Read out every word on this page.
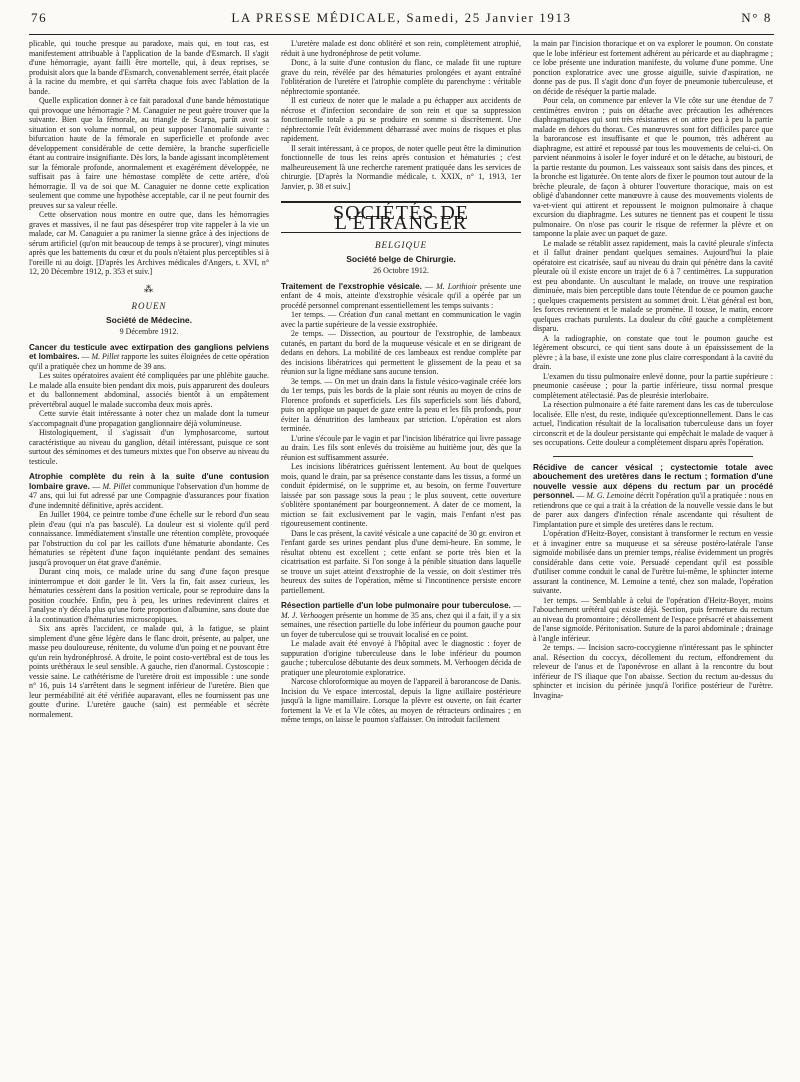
76	LA PRESSE MÉDICALE, Samedi, 25 Janvier 1913	N° 8

plicable, qui touche presque au paradoxe, mais qui, en tout cas, est manifestement attribuable à l'application de la bande d'Esmarch. Il s'agit d'une hémorragie, ayant failli être mortelle, qui, à deux reprises, se produisit alors que la bande d'Esmarch, convenablement serrée, était placée à la racine du membre, et qui s'arrêta chaque fois avec l'ablation de la bande.

Quelle explication donner à ce fait paradoxal d'une bande hémostatique qui provoque une hémorragie ? M. Canaguier ne peut guère trouver que la suivante. Bien que la fémorale, au triangle de Scarpa, parût avoir sa situation et son volume normal, on peut supposer l'anomalie suivante : bifurcation haute de la fémorale en superficielle et profonde avec développement considérable de cette dernière, la branche superficielle étant au contraire insignifiante. Dès lors, la bande agissant incomplètement sur la fémorale profonde, anormalement et exagérément développée, ne suffisait pas à faire une hémostase complète de cette artère, d'où hémorragie. Il va de soi que M. Canaguier ne donne cette explication seulement que comme une hypothèse acceptable, car il ne peut fournir des preuves sur sa valeur réelle.

Cette observation nous montre en outre que, dans les hémorragies graves et massives, il ne faut pas désespérer trop vite rappeler à la vie un malade, car M. Canaguier a pu ranimer la sienne grâce à des injections de sérum artificiel (qu'on mit beaucoup de temps à se procurer), vingt minutes après que les battements du cœur et du pouls n'étaient plus perceptibles si à l'oreille ni au doigt. [D'après les Archives médicales d'Angers, t. XVI, n° 12, 20 Décembre 1912, p. 353 et suiv.]

⁂
ROUEN
Société de Médecine.
9 Décembre 1912.

Cancer du testicule avec extirpation des ganglions pelviens et lombaires. — M. Pillet rapporte les suites éloignées de cette opération qu'il a pratiquée chez un homme de 39 ans.

Les suites opératoires avaient été compliquées par une phlébite gauche. Le malade alla ensuite bien pendant dix mois, puis apparurent des douleurs et du ballonnement abdominal, associés bientôt à un empâtement prévertébral auquel le malade succomba deux mois après.

Cette survie était intéressante à noter chez un malade dont la tumeur s'accompagnait d'une propagation ganglionnaire déjà volumineuse.

Histologiquement, il s'agissait d'un lymphosarcome, surtout caractéristique au niveau du ganglion, détail intéressant, puisque ce sont surtout des séminomes et des tumeurs mixtes que l'on observe au niveau du testicule.

Atrophie complète du rein à la suite d'une contusion lombaire grave. — M. Pillet communique l'observation d'un homme de 47 ans, qui lui fut adressé par une Compagnie d'assurances pour fixation d'une indemnité définitive, après accident.

En Juillet 1904, ce peintre tombe d'une échelle sur le rebord d'un seau plein d'eau (qui n'a pas basculé). La douleur est si violente qu'il perd connaissance. Immédiatement s'installe une rétention complète, provoquée par l'obstruction du col par les caillots d'une hématurie abondante. Ces hématuries se répètent d'une façon inquiétante pendant des semaines jusqu'à provoquer un état grave d'anémie.

Durant cinq mois, ce malade urine du sang d'une façon presque ininterrompue et doit garder le lit. Vers la fin, fait assez curieux, les hématuries cessèrent dans la position verticale, pour se reproduire dans la position couchée. Enfin, peu à peu, les urines redevinrent claires et l'analyse n'y décela plus qu'une forte proportion d'albumine, sans doute due à la continuation d'hématuries microscopiques.

Six ans après l'accident, ce malade qui, à la fatigue, se plaint simplement d'une gêne légère dans le flanc droit, présente, au palper, une masse peu douloureuse, rénitente, du volume d'un poing et ne pouvant être qu'un rein hydronéphrosé. A droite, le point costo-vertébral est de tous les points uréthéraux le seul sensible. A gauche, rien d'anormal. Cystoscopie : vessie saine. Le cathétérisme de l'uretère droit est impossible : une sonde n° 16, puis 14 s'arrêtent dans le segment inférieur de l'uretère. Bien que leur perméabilité ait été vérifiée auparavant, elles ne fournissent pas une goutte d'urine. L'uretère gauche (sain) est perméable et sécrète normalement.

L'uretère malade est donc oblitéré et son rein, complètement atrophié, réduit à une hydronéphrose de petit volume.

Donc, à la suite d'une contusion du flanc, ce malade fit une rupture grave du rein, révélée par des hématuries prolongées et ayant entraîné l'oblitération de l'uretère et l'atrophie complète du parenchyme : véritable néphrectomie spontanée.

Il est curieux de noter que le malade a pu échapper aux accidents de nécrose et d'infection secondaire de son rein et que sa suppression fonctionnelle totale a pu se produire en somme si discrètement. Une néphrectomie l'eût évidemment débarrassé avec moins de risques et plus rapidement.

Il serait intéressant, à ce propos, de noter quelle peut être la diminution fonctionnelle de tous les reins après contusion et hématuries ; c'est malheureusement là une recherche rarement pratiquée dans les services de chirurgie. [D'après la Normandie médicale, t. XXIX, n° 1, 1913, 1er Janvier, p. 38 et suiv.]

SOCIÉTÉS DE L'ÉTRANGER
BELGIQUE
Société belge de Chirurgie.
26 Octobre 1912.

Traitement de l'exstrophie vésicale. — M. Lorthioir présente une enfant de 4 mois, atteinte d'exstrophie vésicale qu'il a opérée par un procédé personnel comprenant essentiellement les temps suivants :

1er temps. — Création d'un canal mettant en communication le vagin avec la partie supérieure de la vessie exstrophiée.

2e temps. — Dissection, au pourtour de l'exstrophie, de lambeaux cutanés, en partant du bord de la muqueuse vésicale et en se dirigeant de dedans en dehors. La mobilité de ces lambeaux est rendue complète par des incisions libératrices qui permettent le glissement de la peau et sa réunion sur la ligne médiane sans aucune tension.

3e temps. — On met un drain dans la fistule vésico-vaginale créée lors du 1er temps, puis les bords de la plaie sont réunis au moyen de crins de Florence profonds et superficiels. Les fils superficiels sont liés d'abord, puis on applique un paquet de gaze entre la peau et les fils profonds, pour éviter la dénutrition des lambeaux par striction. L'opération est alors terminée.

L'urine s'écoule par le vagin et par l'incision libératrice qui livre passage au drain. Les fils sont enlevés du troisième au huitième jour, dès que la réunion est suffisamment assurée.

Les incisions libératrices guérissent lentement. Au bout de quelques mois, quand le drain, par sa présence constante dans les tissus, a formé un conduit épidermisé, on le supprime et, au besoin, on ferme l'ouverture laissée par son passage sous la peau ; le plus souvent, cette ouverture s'oblitère spontanément par bourgeonnement. A dater de ce moment, la miction se fait exclusivement par le vagin, mais l'enfant n'est pas rigoureusement continente.

Dans le cas présent, la cavité vésicale a une capacité de 30 gr. environ et l'enfant garde ses urines pendant plus d'une demi-heure. En somme, le résultat obtenu est excellent ; cette enfant se porte très bien et la cicatrisation est parfaite. Si l'on songe à la pénible situation dans laquelle se trouve un sujet atteint d'exstrophie de la vessie, on doit s'estimer très heureux des suites de l'opération, même si l'incontinence persiste encore partiellement.

Résection partielle d'un lobe pulmonaire pour tuberculose. — M. J. Verhoogen présente un homme de 35 ans, chez qui il a fait, il y a six semaines, une résection partielle du lobe inférieur du poumon gauche pour un foyer de tuberculose qui se trouvait localisé en ce point.

Le malade avait été envoyé à l'hôpital avec le diagnostic : foyer de suppuration d'origine tuberculeuse dans le lobe inférieur du poumon gauche ; tuberculose débutante des deux sommets. M. Verhoogen décida de pratiquer une pleurotomie exploratrice.

Narcose chloroformique au moyen de l'appareil à barorancose de Danis. Incision du Ve espace intercostal, depuis la ligne axillaire postérieure jusqu'à la ligne mamillaire. Lorsque la plèvre est ouverte, on fait écarter fortement la Ve et la VIe côtes, au moyen de rétracteurs ordinaires ; en même temps, on laisse le poumon s'affaisser. On introduit facilement

la main par l'incision thoracique et on va explorer le poumon. On constate que le lobe inférieur est fortement adhérent au péricarde et au diaphragme ; ce lobe présente une induration manifeste, du volume d'une pomme. Une ponction exploratrice avec une grosse aiguille, suivie d'aspiration, ne donne pas de pus. Il s'agit donc d'un foyer de pneumonie tuberculeuse, et on décide de réséquer la partie malade.

Pour cela, on commence par enlever la VIe côte sur une étendue de 7 centimètres environ ; puis on détache avec précaution les adhérences diaphragmatiques qui sont très résistantes et on attire peu à peu la partie malade en dehors du thorax. Ces manœuvres sont fort difficiles parce que la barorancose est insuffisante et que le poumon, très adhérent au diaphragme, est attiré et repoussé par tous les mouvements de celui-ci. On parvient néanmoins à isoler le foyer induré et on le détache, au bistouri, de la partie restante du poumon. Les vaisseaux sont saisis dans des pinces, et la bronche est ligaturée. On tente alors de fixer le poumon tout autour de la brèche pleurale, de façon à obturer l'ouverture thoracique, mais on est obligé d'abandonner cette manœuvre à cause des mouvements violents de va-et-vient qui attirent et repoussent le moignon pulmonaire à chaque excursion du diaphragme. Les sutures ne tiennent pas et coupent le tissu pulmonaire. On n'ose pas courir le risque de refermer la plèvre et on tamponne la plaie avec un paquet de gaze.

Le malade se rétablit assez rapidement, mais la cavité pleurale s'infecta et il fallut drainer pendant quelques semaines. Aujourd'hui la plaie opératoire est cicatrisée, sauf au niveau du drain qui pénètre dans la cavité pleurale où il existe encore un trajet de 6 à 7 centimètres. La suppuration est peu abondante. Un auscultant le malade, on trouve une respiration diminuée, mais bien perceptible dans toute l'étendue de ce poumon gauche ; quelques craquements persistent au sommet droit. L'état général est bon, les forces reviennent et le malade se promène. Il tousse, le matin, encore quelques crachats purulents. La douleur du côté gauche a complètement disparu.

A la radiographie, on constate que tout le poumon gauche est légèrement obscurci, ce qui tient sans doute à un épaississement de la plèvre ; à la base, il existe une zone plus claire correspondant à la cavité du drain.

L'examen du tissu pulmonaire enlevé donne, pour la partie supérieure : pneumonie caséeuse ; pour la partie inférieure, tissu normal presque complètement atélectasié. Pas de pleurésie interlobaire.

La résection pulmonaire a été faite rarement dans les cas de tuberculose localisée. Elle n'est, du reste, indiquée qu'exceptionnellement. Dans le cas actuel, l'indication résultait de la localisation tuberculeuse dans un foyer circonscrit et de la douleur persistante qui empêchait le malade de vaquer à ses occupations. Cette douleur a complètement disparu après l'opération.

Récidive de cancer vésical ; cystectomie totale avec abouchement des uretères dans le rectum ; formation d'une nouvelle vessie aux dépens du rectum par un procédé personnel. — M. G. Lemoine décrit l'opération qu'il a pratiquée : nous en retiendrons que ce qui a trait à la création de la nouvelle vessie dans le but de parer aux dangers d'infection rénale ascendante qui résultent de l'implantation pure et simple des uretères dans le rectum.

L'opération d'Heitz-Boyer, consistant à transformer le rectum en vessie et à invaginer entre sa muqueuse et sa séreuse postéro-latérale l'anse sigmoïde mobilisée dans un premier temps, réalise évidemment un progrès considérable dans cette voie. Persuadé cependant qu'il est possible d'utiliser comme conduit le canal de l'urètre lui-même, le sphincter interne assurant la continence, M. Lemoine a tenté, chez son malade, l'opération suivante.

1er temps. — Semblable à celui de l'opération d'Heitz-Boyer, moins l'abouchement urétéral qui existe déjà. Section, puis fermeture du rectum au niveau du promontoire ; décollement de l'espace présacré et abaissement de l'anse sigmoïde. Péritonisation. Suture de la paroi abdominale ; drainage à l'angle inférieur.

2e temps. — Incision sacro-coccygienne n'intéressant pas le sphincter anal. Résection du coccyx, décollement du rectum, effondrement du releveur de l'anus et de l'aponévrose en allant à la rencontre du bout inférieur de l'S iliaque que l'on abaisse. Section du rectum au-dessus du sphincter et incision du périnée jusqu'à l'orifice postérieur de l'urètre. Invagina-
